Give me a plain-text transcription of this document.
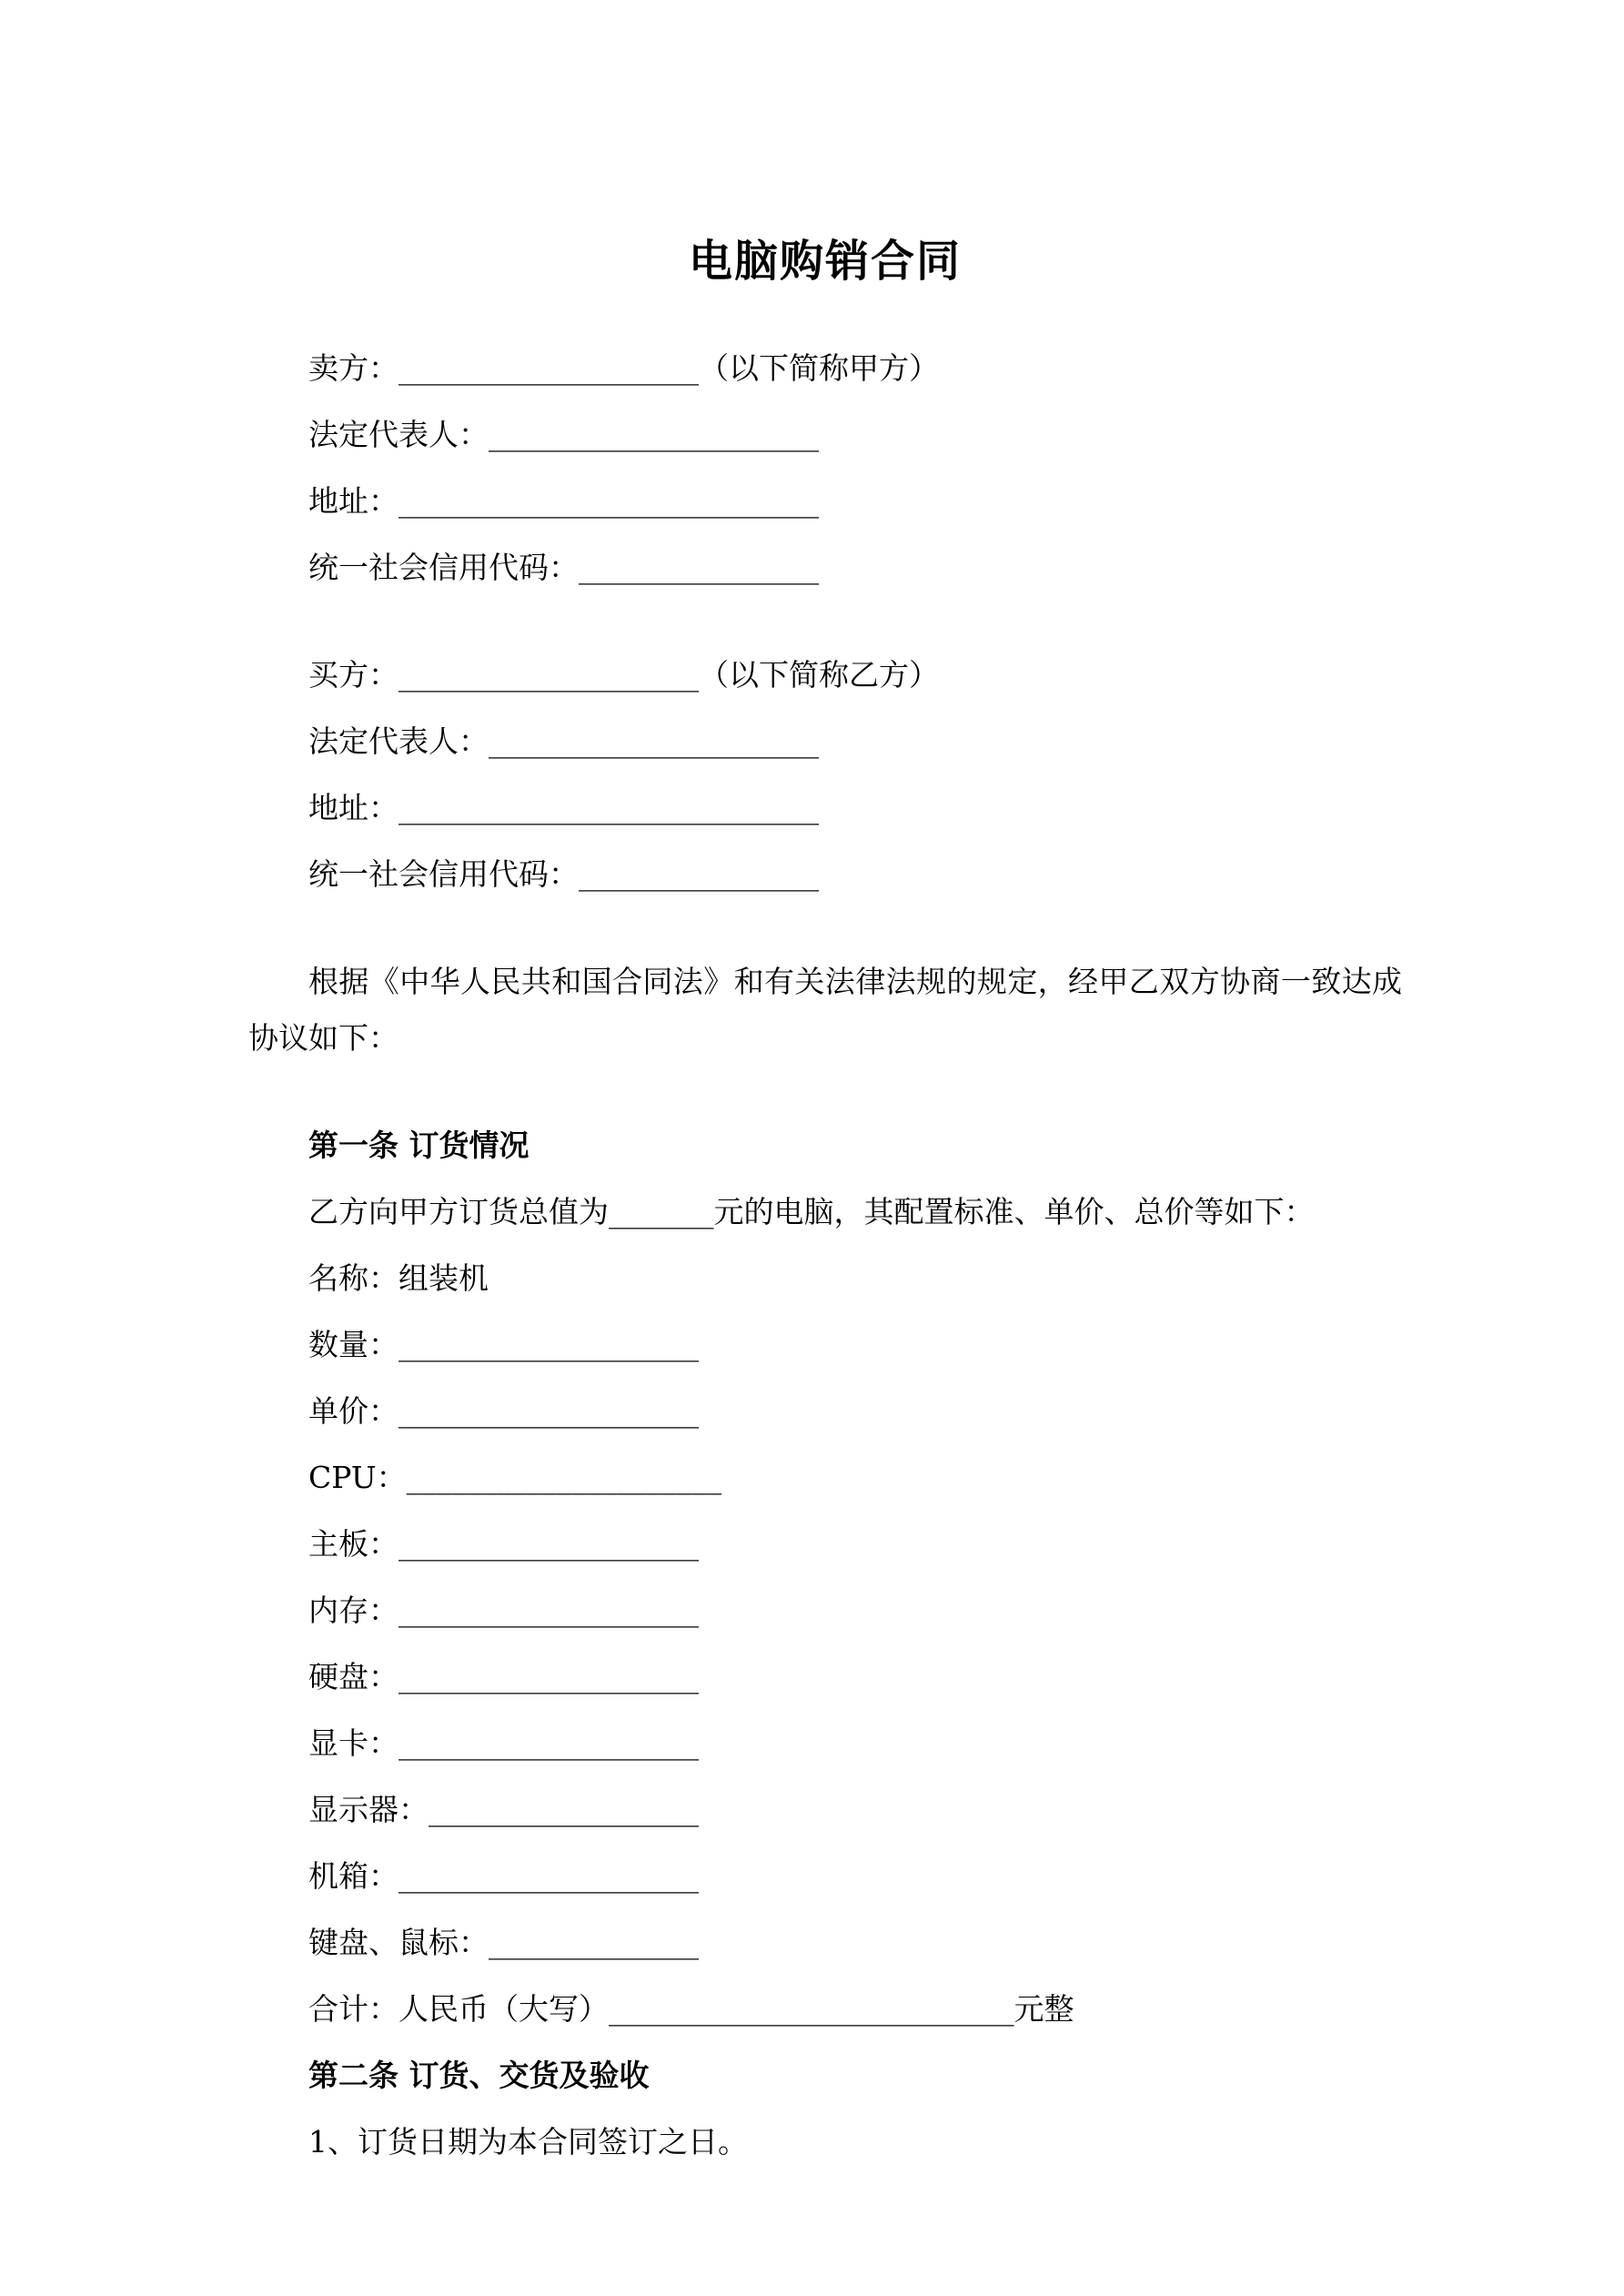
电脑购销合同

卖方：____________________（以下简称甲方）

法定代表人：______________________

地址：____________________________

统一社会信用代码：________________

买方：____________________（以下简称乙方）

法定代表人：______________________

地址：____________________________

统一社会信用代码：________________

根据《中华人民共和国合同法》和有关法律法规的规定，经甲乙双方协商一致达成协议如下：

第一条 订货情况

乙方向甲方订货总值为_______元的电脑，其配置标准、单价、总价等如下：

名称：组装机

数量：____________________

单价：____________________

CPU：_____________________

主板：____________________

内存：____________________

硬盘：____________________

显卡：____________________

显示器：__________________

机箱：____________________

键盘、鼠标：______________

合计：人民币（大写）___________________________元整

第二条 订货、交货及验收

1、订货日期为本合同签订之日。
